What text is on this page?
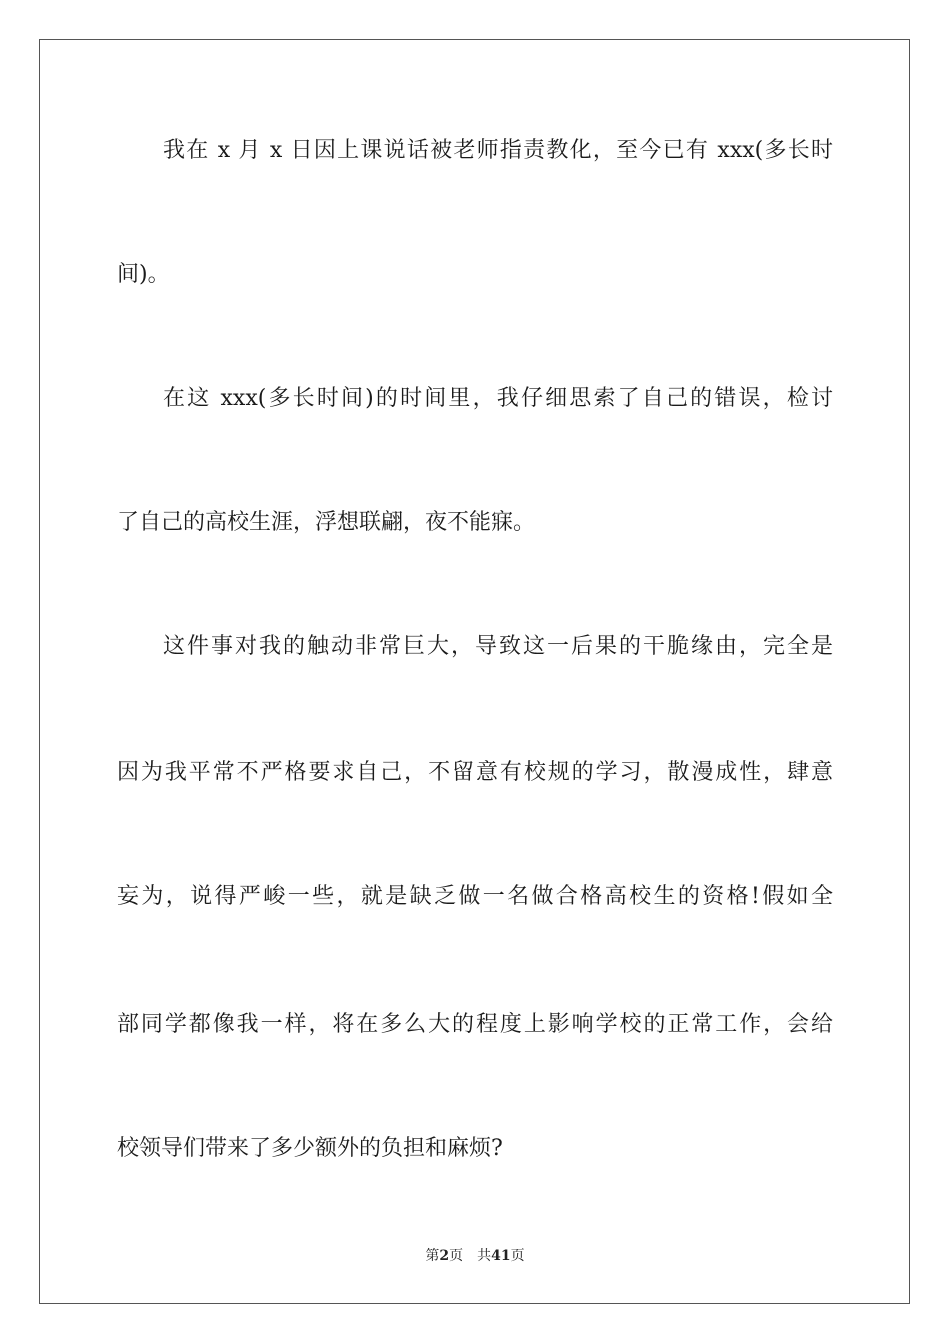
我在 x 月 x 日因上课说话被老师指责教化，至今已有 xxx(多长时
间)。
在这 xxx(多长时间)的时间里，我仔细思索了自己的错误，检讨
了自己的高校生涯，浮想联翩，夜不能寐。
这件事对我的触动非常巨大，导致这一后果的干脆缘由，完全是
因为我平常不严格要求自己，不留意有校规的学习，散漫成性，肆意
妄为，说得严峻一些，就是缺乏做一名做合格高校生的资格!假如全
部同学都像我一样，将在多么大的程度上影响学校的正常工作，会给
校领导们带来了多少额外的负担和麻烦?
第2页 共41页
